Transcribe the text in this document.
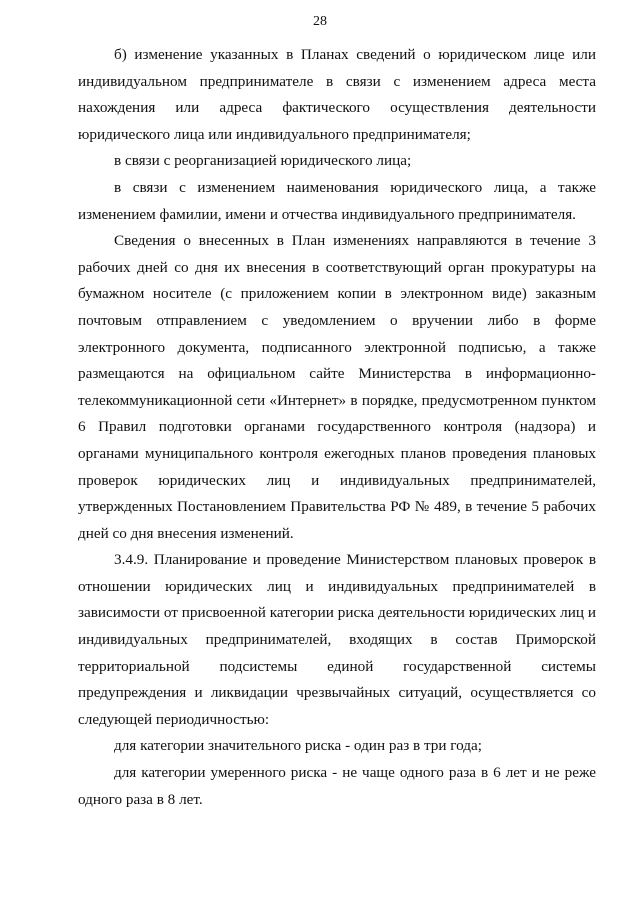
28

б) изменение указанных в Планах сведений о юридическом лице или индивидуальном предпринимателе в связи с изменением адреса места нахождения или адреса фактического осуществления деятельности юридического лица или индивидуального предпринимателя;

в связи с реорганизацией юридического лица;

в связи с изменением наименования юридического лица, а также изменением фамилии, имени и отчества индивидуального предпринимателя.

Сведения о внесенных в План изменениях направляются в течение 3 рабочих дней со дня их внесения в соответствующий орган прокуратуры на бумажном носителе (с приложением копии в электронном виде) заказным почтовым отправлением с уведомлением о вручении либо в форме электронного документа, подписанного электронной подписью, а также размещаются на официальном сайте Министерства в информационно-телекоммуникационной сети «Интернет» в порядке, предусмотренном пунктом 6 Правил подготовки органами государственного контроля (надзора) и органами муниципального контроля ежегодных планов проведения плановых проверок юридических лиц и индивидуальных предпринимателей, утвержденных Постановлением Правительства РФ № 489, в течение 5 рабочих дней со дня внесения изменений.

3.4.9. Планирование и проведение Министерством плановых проверок в отношении юридических лиц и индивидуальных предпринимателей в зависимости от присвоенной категории риска деятельности юридических лиц и индивидуальных предпринимателей, входящих в состав Приморской территориальной подсистемы единой государственной системы предупреждения и ликвидации чрезвычайных ситуаций, осуществляется со следующей периодичностью:

для категории значительного риска - один раз в три года;

для категории умеренного риска - не чаще одного раза в 6 лет и не реже одного раза в 8 лет.
